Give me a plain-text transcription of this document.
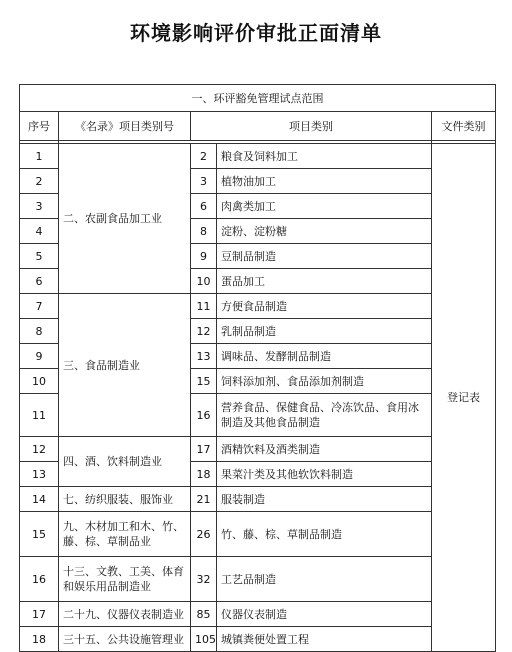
环境影响评价审批正面清单
一、环评豁免管理试点范围				
序号	《名录》项目类别号	项目类别		文件类别

1	二、农副食品加工业	2	粮食及饲料加工	登记表
2		3	植物油加工	
3		6	肉禽类加工	
4		8	淀粉、淀粉糖	
5		9	豆制品制造	
6		10	蛋品加工	
7	三、食品制造业	11	方便食品制造	
8		12	乳制品制造	
9		13	调味品、发酵制品制造	
10		15	饲料添加剂、食品添加剂制造	
11		16	营养食品、保健食品、冷冻饮品、食用冰制造及其他食品制造	
12	四、酒、饮料制造业	17	酒精饮料及酒类制造	
13		18	果菜汁类及其他软饮料制造	
14	七、纺织服装、服饰业	21	服装制造	
15	九、木材加工和木、竹、藤、棕、草制品业	26	竹、藤、棕、草制品制造	
16	十三、文教、工美、体育和娱乐用品制造业	32	工艺品制造	
17	二十九、仪器仪表制造业	85	仪器仪表制造	
18	三十五、公共设施管理业	105	城镇粪便处置工程	
